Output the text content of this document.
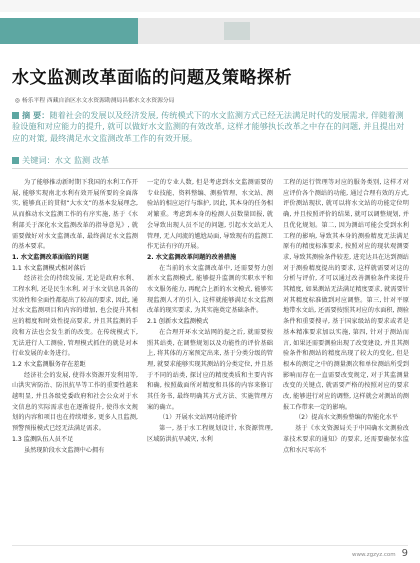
水文监测改革面临的问题及策略探析
◎ 杨乐平程 西藏自治区水文水资源勘测局昌都水文水资源分局
摘 要：随着社会的发展以及经济发展, 传统模式下的水文监测方式已经无法满足时代的发展需求, 伴随着测验设施和对应能力的提升, 就可以做好水文监测的有效改革, 这样才能够执长改革之中存在的问题, 并且提出对应的对策, 最终满足水文监测改革工作的有效开展。
关键词：水文 监测 改革

为了能够推动新时期下我国的水利工作开展, 能够实现南北水利有效开展所要的全面落实, 能够真正的贯彻“大水文”的基本发展理念, 从而推动水文监测工作的有序实施, 基于《水利部关于深化水文监测改革的指导意见》, 就需要做好对水文监测改革, 最终满足水文监测的基本要求。

1. 水文监测改革面临的问题

1.1 水文监测模式相对落后

经济社会的持续发展, 无论是政府水利、工程水利, 还是民生水利, 对于水文信息具备的实效性和全面性都提出了较高的要求, 因此, 通过水文监测项目和内容的增加, 也会提升其相应的精度和时效性提高要求, 并且其监测的手段和方法也会发生新的改变。在传统模式下, 无法进行人工测验, 管理模式抓住的就是对本行业发展的业务进行。

1.2 水文监测服务存在差距

经济社会的发展, 使得水资源开发利用等, 山洪灾害防治、防汛抗旱等工作的重要性越来越明显, 并且各级党委政府和社会公众对于水文信息的实际需求也在逐渐提升, 使得水文规划的内容和项目也在持续增多, 更多人且监测, 预警预报模式已经无法满足需求。

1.3 监测队伍人员不足

虽然现阶段水文监测中心拥有

一定的专业人数, 但是考虑到水文监测需要的专业技能、资料整编、测验管理、水文站、测验站的相应运行与维护, 因此, 其本身的任务相对繁重。考虑到本身的检测人员数量回报, 就会导致出现人员不足的问题, 引起水文站无人管理, 无人问流的尴尬局面, 导致现有的监测工作无法有序的开展。

2. 水文监测改革问题的改善措施

在当前的水文监测改革中, 还需要努力创新水文监测模式, 能够提升监测的实职水平和水文服务能力, 再配合上新的水文模式, 能够实现监测人才的引入, 这样就能够满足水文监测改革的现实要求, 为其实施奠定基础条件。

2.1 创新水文监测模式

在合理开环水文站网的提之后, 就需要按照其站类, 在调整规划以及功能性的评价基础上, 将其体的方案预定出来, 基于分类分级的管理, 就要求能够实现其测站的分类定位, 并且基于不同的站类, 探讨应的精度类质和主要内容和确, 按照截面所对精度和具体的内容来修订其任务书, 最终明确其方式方法、实施管理方案的确立。

（1）开展水文站网功能评价

第一, 基于水工程规划设计, 水资源管理, 区域防洪抗旱减灾, 水利

工程的运行管理等对应的服务类别, 这样才对应评价各个测站的功能, 通过合理有效的方式, 评价测站现状, 就可以将水文站的功能定位明确, 并且按照评价的结果, 就可以调整规划, 并且优化规划。第二, 因为测站可能会受到水利工程的影响, 导致其本身的测验精度无法满足原有的精度标准要求, 按照对应的现状观测要求, 导致其测验条件较差, 进充达具在达到测站对于测验精度提出的要求, 这样就需要对这的分析与评价, 才可以通过改善测验条件来提升其精度, 如果测站无法满足精度要求, 就需要针对其精度标准做到对应调整。第三, 针对平原地带水文站, 还需要按照其对应的水面积, 测验条件和重要搜寻, 基于国家级站的要求或者是基本精准要求加以实施, 第四, 针对于测站而言, 如果还需要测验出现了改变建设, 并且其测验条件和测站的精度出现了较大的变化, 但是根本的测定之中的测量测次和单位测站所受到影响而存在一直需要改变规定, 对于其监测量改变的关键点, 就需要严格的按照对应的要求改, 能够进行对应的调整, 这样就会对测站的测报工作带来一定的影响。

（2）提高水文测验整编的智能化水平

基于《水文资源局关于中国确水文测验改革技术要求的通知》的要求, 还需要确保水监点和水尺零高不

www.zgzyz.com 9
